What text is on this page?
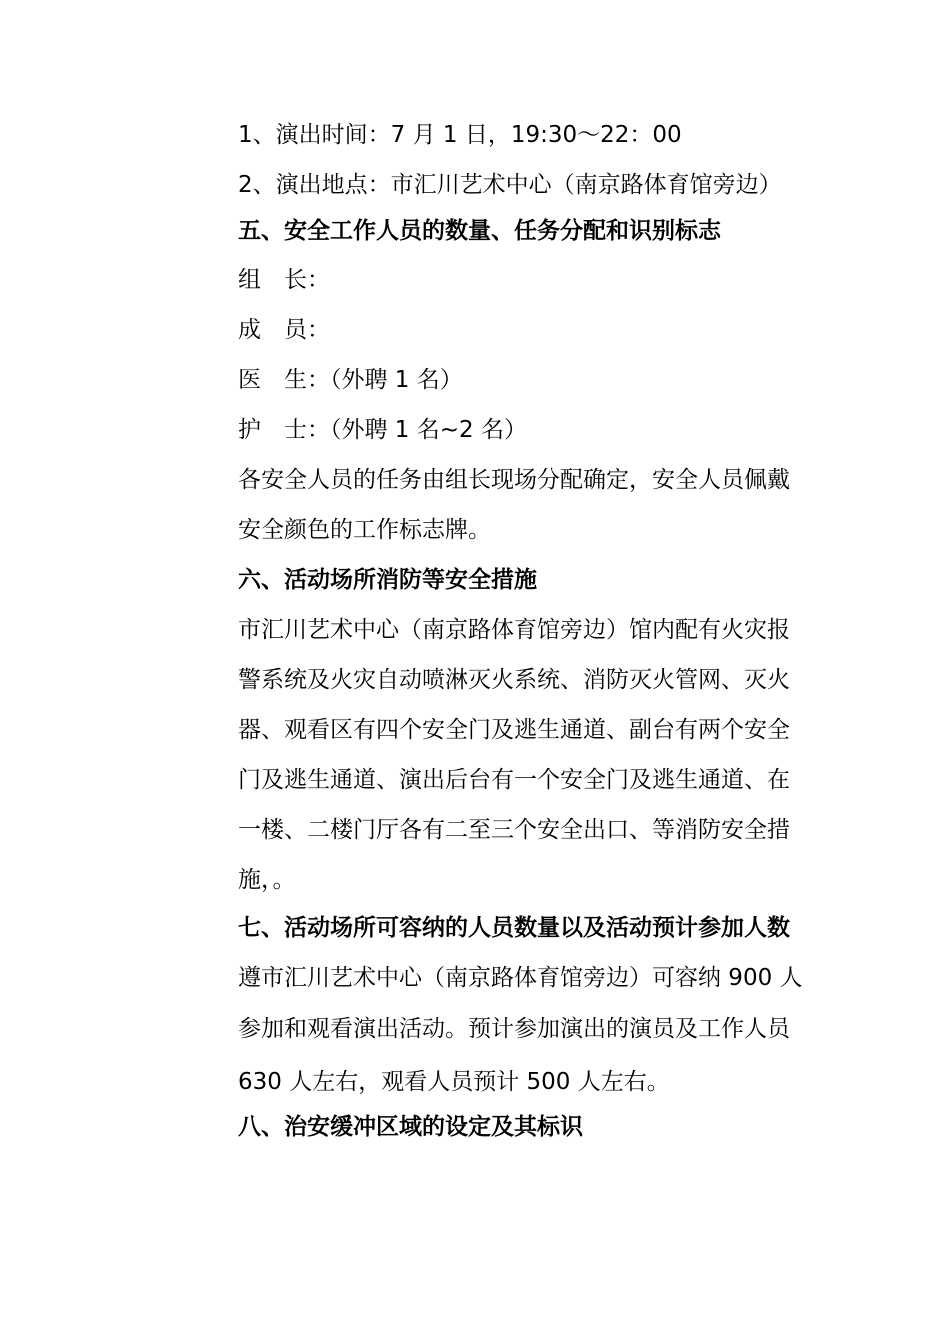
1、演出时间：7 月 1 日，19:30～22：00
2、演出地点：市汇川艺术中心（南京路体育馆旁边）
五、安全工作人员的数量、任务分配和识别标志
组　长：
成　员：
医　生：（外聘 1 名）
护　士：（外聘 1 名~2 名）
各安全人员的任务由组长现场分配确定，安全人员佩戴
安全颜色的工作标志牌。
六、活动场所消防等安全措施
市汇川艺术中心（南京路体育馆旁边）馆内配有火灾报
警系统及火灾自动喷淋灭火系统、消防灭火管网、灭火
器、观看区有四个安全门及逃生通道、副台有两个安全
门及逃生通道、演出后台有一个安全门及逃生通道、在
一楼、二楼门厅各有二至三个安全出口、等消防安全措
施，。
七、活动场所可容纳的人员数量以及活动预计参加人数
遵市汇川艺术中心（南京路体育馆旁边）可容纳 900 人
参加和观看演出活动。预计参加演出的演员及工作人员
630 人左右，观看人员预计 500 人左右。
八、治安缓冲区域的设定及其标识
